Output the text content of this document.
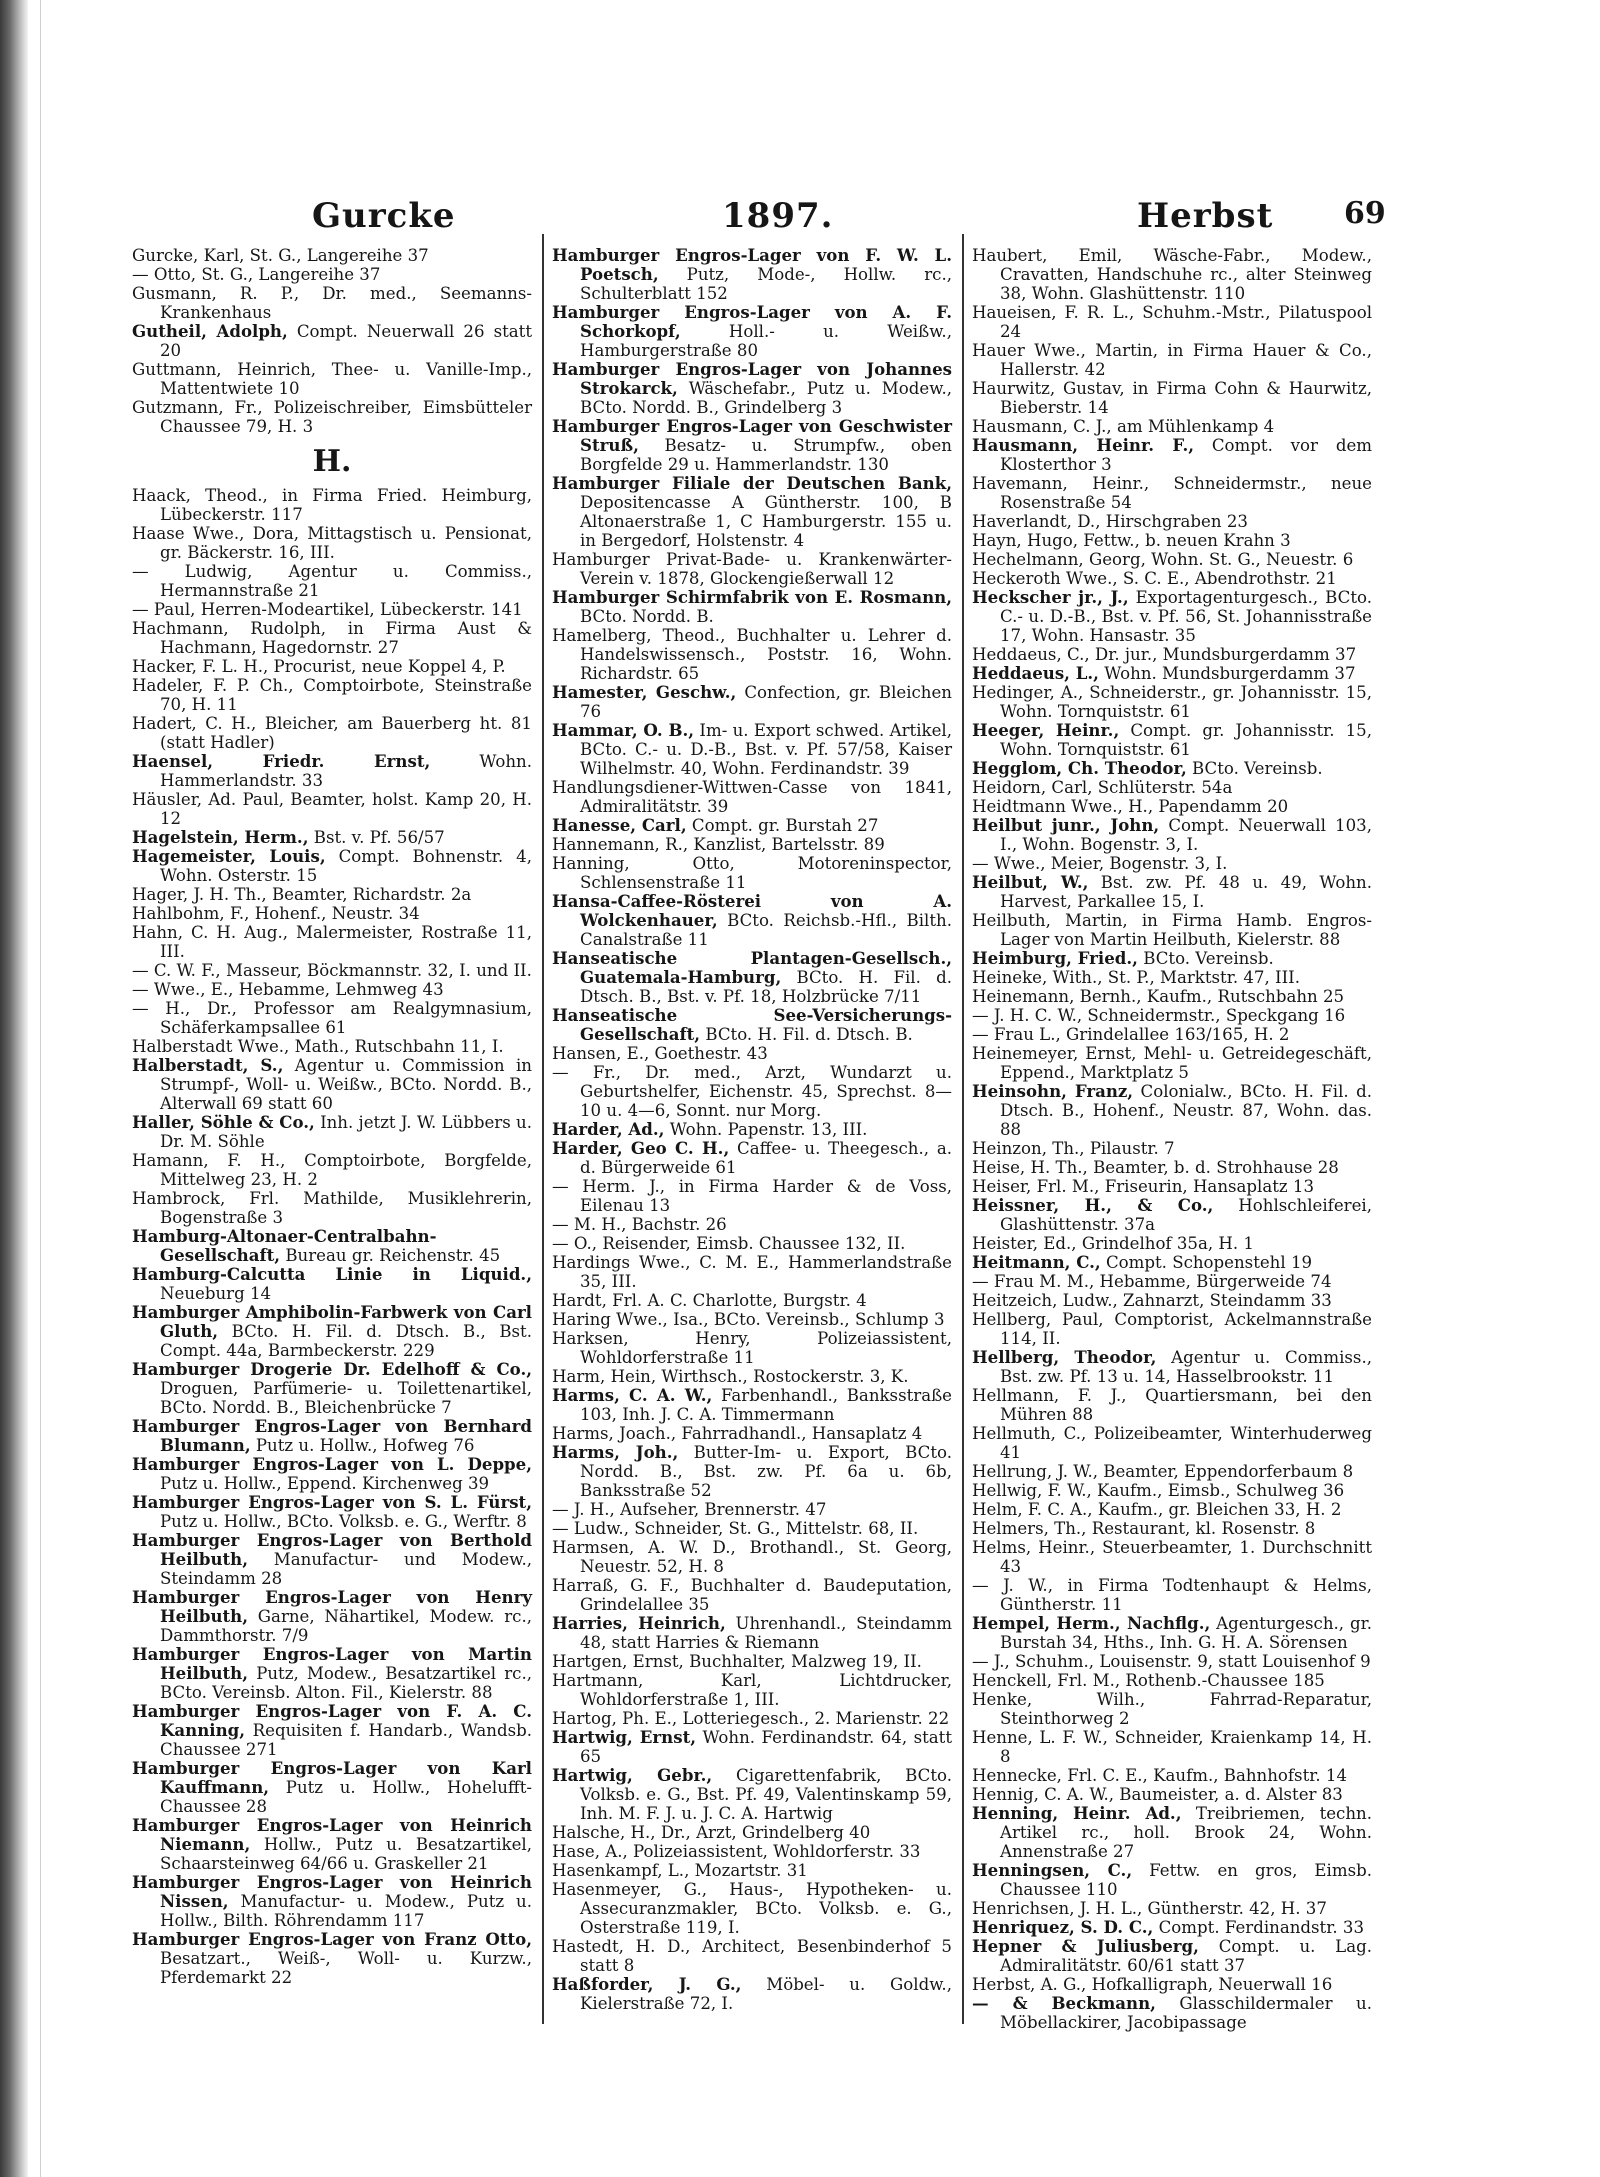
Gurcke	1897.	Herbst 69
Gurcke, Karl, St. G., Langereihe 37
— Otto, St. G., Langereihe 37
Gusmann, R. P., Dr. med., Seemanns-Krankenhaus
Gutheil, Adolph, Compt. Neuerwall 26 statt 20
Guttmann, Heinrich, Thee- u. Vanille-Imp., Mattentwiete 10
Gutzmann, Fr., Polizeischreiber, Eimsbütteler Chaussee 79, H. 3
H.
Haack, Theod., in Firma Fried. Heimburg, Lübeckerstr. 117
Haase Wwe., Dora, Mittagstisch u. Pensionat, gr. Bäckerstr. 16, III.
— Ludwig, Agentur u. Commiss., Hermannstraße 21
— Paul, Herren-Modeartikel, Lübeckerstr. 141
Hachmann, Rudolph, in Firma Aust & Hachmann, Hagedornstr. 27
Hacker, F. L. H., Procurist, neue Koppel 4, P.
Hadeler, F. P. Ch., Comptoirbote, Steinstraße 70, H. 11
Hadert, C. H., Bleicher, am Bauerberg ht. 81 (statt Hadler)
Haensel, Friedr. Ernst, Wohn. Hammerlandstr. 33
Häusler, Ad. Paul, Beamter, holst. Kamp 20, H. 12
Hagelstein, Herm., Bst. v. Pf. 56/57
Hagemeister, Louis, Compt. Bohnenstr. 4, Wohn. Osterstr. 15
Hager, J. H. Th., Beamter, Richardstr. 2a
Hahlbohm, F., Hohenf., Neustr. 34
Hahn, C. H. Aug., Malermeister, Rostraße 11, III.
— C. W. F., Masseur, Böckmannstr. 32, I. und II.
— Wwe., E., Hebamme, Lehmweg 43
— H., Dr., Professor am Realgymnasium, Schäferkampsallee 61
Halberstadt Wwe., Math., Rutschbahn 11, I.
Halberstadt, S., Agentur u. Commission in Strumpf-, Woll- u. Weißw., BCto. Nordd. B., Alterwall 69 statt 60
Haller, Söhle & Co., Inh. jetzt J. W. Lübbers u. Dr. M. Söhle
Hamann, F. H., Comptoirbote, Borgfelde, Mittelweg 23, H. 2
Hambrock, Frl. Mathilde, Musiklehrerin, Bogenstraße 3
Hamburg-Altonaer-Centralbahn-Gesellschaft, Bureau gr. Reichenstr. 45
Hamburg-Calcutta Linie in Liquid., Neueburg 14
Hamburger Amphibolin-Farbwerk von Carl Gluth, BCto. H. Fil. d. Dtsch. B., Bst. Compt. 44a, Barmbeckerstr. 229
Hamburger Drogerie Dr. Edelhoff & Co., Droguen, Parfümerie- u. Toilettenartikel, BCto. Nordd. B., Bleichenbrücke 7
Hamburger Engros-Lager von Bernhard Blumann, Putz u. Hollw., Hofweg 76
Hamburger Engros-Lager von L. Deppe, Putz u. Hollw., Eppend. Kirchenweg 39
Hamburger Engros-Lager von S. L. Fürst, Putz u. Hollw., BCto. Volksb. e. G., Werftr. 8
Hamburger Engros-Lager von Berthold Heilbuth, Manufactur- und Modew., Steindamm 28
Hamburger Engros-Lager von Henry Heilbuth, Garne, Nähartikel, Modew. rc., Dammthorstr. 7/9
Hamburger Engros-Lager von Martin Heilbuth, Putz, Modew., Besatzartikel rc., BCto. Vereinsb. Alton. Fil., Kielerstr. 88
Hamburger Engros-Lager von F. A. C. Kanning, Requisiten f. Handarb., Wandsb. Chaussee 271
Hamburger Engros-Lager von Karl Kauffmann, Putz u. Hollw., Hohelufft-Chaussee 28
Hamburger Engros-Lager von Heinrich Niemann, Hollw., Putz u. Besatzartikel, Schaarsteinweg 64/66 u. Graskeller 21
Hamburger Engros-Lager von Heinrich Nissen, Manufactur- u. Modew., Putz u. Hollw., Bilth. Röhrendamm 117
Hamburger Engros-Lager von Franz Otto, Besatzart., Weiß-, Woll- u. Kurzw., Pferdemarkt 22
Hamburger Engros-Lager von F. W. L. Poetsch, Putz, Mode-, Hollw. rc., Schulterblatt 152
Hamburger Engros-Lager von A. F. Schorkopf, Holl.- u. Weißw., Hamburgerstraße 80
Hamburger Engros-Lager von Johannes Strokarck, Wäschefabr., Putz u. Modew., BCto. Nordd. B., Grindelberg 3
Hamburger Engros-Lager von Geschwister Struß, Besatz- u. Strumpfw., oben Borgfelde 29 u. Hammerlandstr. 130
Hamburger Filiale der Deutschen Bank, Depositencasse A Güntherstr. 100, B Altonaerstraße 1, C Hamburgerstr. 155 u. in Bergedorf, Holstenstr. 4
Hamburger Privat-Bade- u. Krankenwärter-Verein v. 1878, Glockengießerwall 12
Hamburger Schirmfabrik von E. Rosmann, BCto. Nordd. B.
Hamelberg, Theod., Buchhalter u. Lehrer d. Handelswissensch., Poststr. 16, Wohn. Richardstr. 65
Hamester, Geschw., Confection, gr. Bleichen 76
Hammar, O. B., Im- u. Export schwed. Artikel, BCto. C.- u. D.-B., Bst. v. Pf. 57/58, Kaiser Wilhelmstr. 40, Wohn. Ferdinandstr. 39
Handlungsdiener-Wittwen-Casse von 1841, Admiralitätstr. 39
Hanesse, Carl, Compt. gr. Burstah 27
Hannemann, R., Kanzlist, Bartelsstr. 89
Hanning, Otto, Motoreninspector, Schlensenstraße 11
Hansa-Caffee-Rösterei von A. Wolckenhauer, BCto. Reichsb.-Hfl., Bilth. Canalstraße 11
Hanseatische Plantagen-Gesellsch., Guatemala-Hamburg, BCto. H. Fil. d. Dtsch. B., Bst. v. Pf. 18, Holzbrücke 7/11
Hanseatische See-Versicherungs-Gesellschaft, BCto. H. Fil. d. Dtsch. B.
Hansen, E., Goethestr. 43
— Fr., Dr. med., Arzt, Wundarzt u. Geburtshelfer, Eichenstr. 45, Sprechst. 8—10 u. 4—6, Sonnt. nur Morg.
Harder, Ad., Wohn. Papenstr. 13, III.
Harder, Geo C. H., Caffee- u. Theegesch., a. d. Bürgerweide 61
— Herm. J., in Firma Harder & de Voss, Eilenau 13
— M. H., Bachstr. 26
— O., Reisender, Eimsb. Chaussee 132, II.
Hardings Wwe., C. M. E., Hammerlandstraße 35, III.
Hardt, Frl. A. C. Charlotte, Burgstr. 4
Haring Wwe., Isa., BCto. Vereinsb., Schlump 3
Harksen, Henry, Polizeiassistent, Wohldorferstraße 11
Harm, Hein, Wirthsch., Rostockerstr. 3, K.
Harms, C. A. W., Farbenhandl., Banksstraße 103, Inh. J. C. A. Timmermann
Harms, Joach., Fahrradhandl., Hansaplatz 4
Harms, Joh., Butter-Im- u. Export, BCto. Nordd. B., Bst. zw. Pf. 6a u. 6b, Banksstraße 52
— J. H., Aufseher, Brennerstr. 47
— Ludw., Schneider, St. G., Mittelstr. 68, II.
Harmsen, A. W. D., Brothandl., St. Georg, Neuestr. 52, H. 8
Harraß, G. F., Buchhalter d. Baudeputation, Grindelallee 35
Harries, Heinrich, Uhrenhandl., Steindamm 48, statt Harries & Riemann
Hartgen, Ernst, Buchhalter, Malzweg 19, II.
Hartmann, Karl, Lichtdrucker, Wohldorferstraße 1, III.
Hartog, Ph. E., Lotteriegesch., 2. Marienstr. 22
Hartwig, Ernst, Wohn. Ferdinandstr. 64, statt 65
Hartwig, Gebr., Cigarettenfabrik, BCto. Volksb. e. G., Bst. Pf. 49, Valentinskamp 59, Inh. M. F. J. u. J. C. A. Hartwig
Halsche, H., Dr., Arzt, Grindelberg 40
Hase, A., Polizeiassistent, Wohldorferstr. 33
Hasenkampf, L., Mozartstr. 31
Hasenmeyer, G., Haus-, Hypotheken- u. Assecuranzmakler, BCto. Volksb. e. G., Osterstraße 119, I.
Hastedt, H. D., Architect, Besenbinderhof 5 statt 8
Haßforder, J. G., Möbel- u. Goldw., Kielerstraße 72, I.
Haubert, Emil, Wäsche-Fabr., Modew., Cravatten, Handschuhe rc., alter Steinweg 38, Wohn. Glashüttenstr. 110
Haueisen, F. R. L., Schuhm.-Mstr., Pilatuspool 24
Hauer Wwe., Martin, in Firma Hauer & Co., Hallerstr. 42
Haurwitz, Gustav, in Firma Cohn & Haurwitz, Bieberstr. 14
Hausmann, C. J., am Mühlenkamp 4
Hausmann, Heinr. F., Compt. vor dem Klosterthor 3
Havemann, Heinr., Schneidermstr., neue Rosenstraße 54
Haverlandt, D., Hirschgraben 23
Hayn, Hugo, Fettw., b. neuen Krahn 3
Hechelmann, Georg, Wohn. St. G., Neuestr. 6
Heckeroth Wwe., S. C. E., Abendrothstr. 21
Heckscher jr., J., Exportagenturgesch., BCto. C.- u. D.-B., Bst. v. Pf. 56, St. Johannisstraße 17, Wohn. Hansastr. 35
Heddaeus, C., Dr. jur., Mundsburgerdamm 37
Heddaeus, L., Wohn. Mundsburgerdamm 37
Hedinger, A., Schneiderstr., gr. Johannisstr. 15, Wohn. Tornquiststr. 61
Heeger, Heinr., Compt. gr. Johannisstr. 15, Wohn. Tornquiststr. 61
Hegglom, Ch. Theodor, BCto. Vereinsb.
Heidorn, Carl, Schlüterstr. 54a
Heidtmann Wwe., H., Papendamm 20
Heilbut junr., John, Compt. Neuerwall 103, I., Wohn. Bogenstr. 3, I.
— Wwe., Meier, Bogenstr. 3, I.
Heilbut, W., Bst. zw. Pf. 48 u. 49, Wohn. Harvest, Parkallee 15, I.
Heilbuth, Martin, in Firma Hamb. Engros-Lager von Martin Heilbuth, Kielerstr. 88
Heimburg, Fried., BCto. Vereinsb.
Heineke, With., St. P., Marktstr. 47, III.
Heinemann, Bernh., Kaufm., Rutschbahn 25
— J. H. C. W., Schneidermstr., Speckgang 16
— Frau L., Grindelallee 163/165, H. 2
Heinemeyer, Ernst, Mehl- u. Getreidegeschäft, Eppend., Marktplatz 5
Heinsohn, Franz, Colonialw., BCto. H. Fil. d. Dtsch. B., Hohenf., Neustr. 87, Wohn. das. 88
Heinzon, Th., Pilaustr. 7
Heise, H. Th., Beamter, b. d. Strohhause 28
Heiser, Frl. M., Friseurin, Hansaplatz 13
Heissner, H., & Co., Hohlschleiferei, Glashüttenstr. 37a
Heister, Ed., Grindelhof 35a, H. 1
Heitmann, C., Compt. Schopenstehl 19
— Frau M. M., Hebamme, Bürgerweide 74
Heitzeich, Ludw., Zahnarzt, Steindamm 33
Hellberg, Paul, Comptorist, Ackelmannstraße 114, II.
Hellberg, Theodor, Agentur u. Commiss., Bst. zw. Pf. 13 u. 14, Hasselbrookstr. 11
Hellmann, F. J., Quartiersmann, bei den Mühren 88
Hellmuth, C., Polizeibeamter, Winterhuderweg 41
Hellrung, J. W., Beamter, Eppendorferbaum 8
Hellwig, F. W., Kaufm., Eimsb., Schulweg 36
Helm, F. C. A., Kaufm., gr. Bleichen 33, H. 2
Helmers, Th., Restaurant, kl. Rosenstr. 8
Helms, Heinr., Steuerbeamter, 1. Durchschnitt 43
— J. W., in Firma Todtenhaupt & Helms, Güntherstr. 11
Hempel, Herm., Nachflg., Agenturgesch., gr. Burstah 34, Hths., Inh. G. H. A. Sörensen
— J., Schuhm., Louisenstr. 9, statt Louisenhof 9
Henckell, Frl. M., Rothenb.-Chaussee 185
Henke, Wilh., Fahrrad-Reparatur, Steinthorweg 2
Henne, L. F. W., Schneider, Kraienkamp 14, H. 8
Hennecke, Frl. C. E., Kaufm., Bahnhofstr. 14
Hennig, C. A. W., Baumeister, a. d. Alster 83
Henning, Heinr. Ad., Treibriemen, techn. Artikel rc., holl. Brook 24, Wohn. Annenstraße 27
Henningsen, C., Fettw. en gros, Eimsb. Chaussee 110
Henrichsen, J. H. L., Güntherstr. 42, H. 37
Henriquez, S. D. C., Compt. Ferdinandstr. 33
Hepner & Juliusberg, Compt. u. Lag. Admiralitätstr. 60/61 statt 37
Herbst, A. G., Hofkalligraph, Neuerwall 16
— & Beckmann, Glasschildermaler u. Möbellackirer, Jacobipassage
